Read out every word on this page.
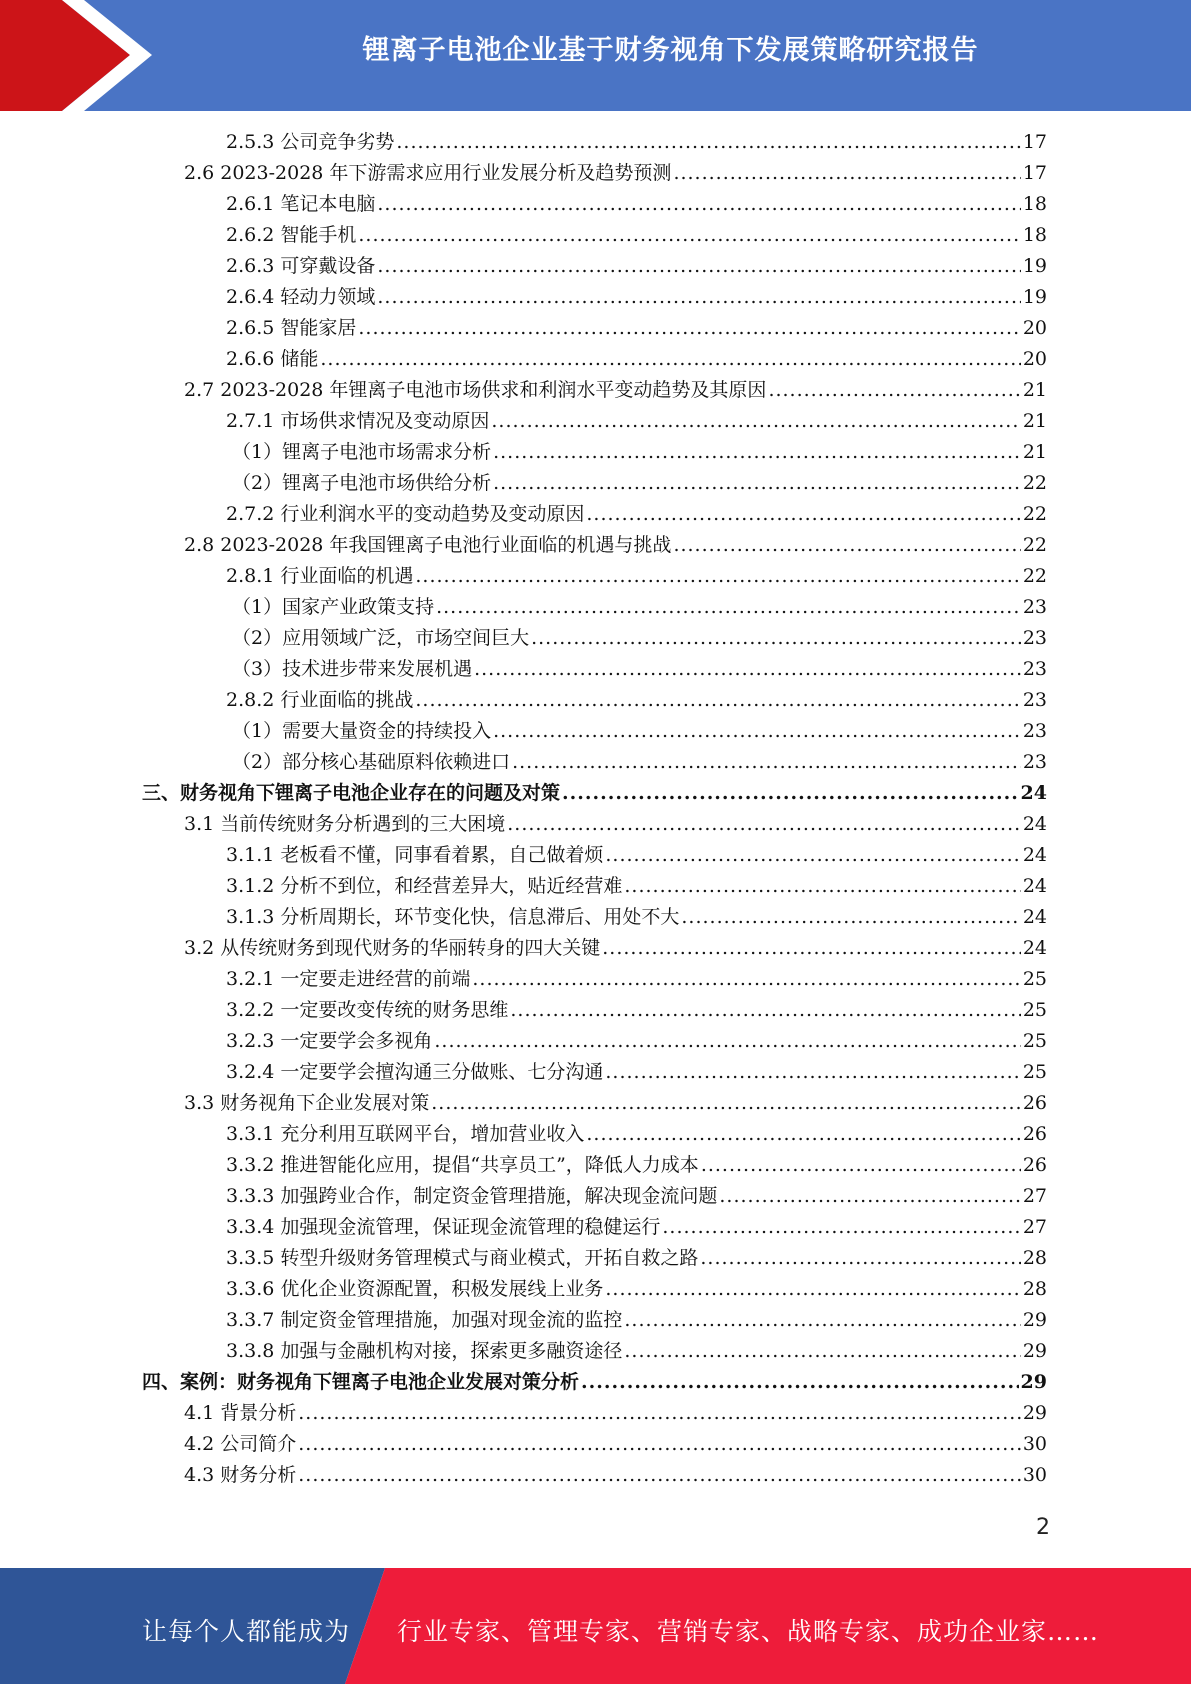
锂离子电池企业基于财务视角下发展策略研究报告
2.5.3 公司竞争劣势 .....	17
2.6 2023-2028 年下游需求应用行业发展分析及趋势预测 .....	17
2.6.1 笔记本电脑 .....	18
2.6.2 智能手机 .....	18
2.6.3 可穿戴设备 .....	19
2.6.4 轻动力领域 .....	19
2.6.5 智能家居 .....	20
2.6.6 储能 .....	20
2.7 2023-2028 年锂离子电池市场供求和利润水平变动趋势及其原因 .....	21
2.7.1 市场供求情况及变动原因 .....	21
（1）锂离子电池市场需求分析 .....	21
（2）锂离子电池市场供给分析 .....	22
2.7.2 行业利润水平的变动趋势及变动原因 .....	22
2.8 2023-2028 年我国锂离子电池行业面临的机遇与挑战 .....	22
2.8.1 行业面临的机遇 .....	22
（1）国家产业政策支持 .....	23
（2）应用领域广泛，市场空间巨大 .....	23
（3）技术进步带来发展机遇 .....	23
2.8.2 行业面临的挑战 .....	23
（1）需要大量资金的持续投入 .....	23
（2）部分核心基础原料依赖进口 .....	23
三、财务视角下锂离子电池企业存在的问题及对策 .....	24
3.1 当前传统财务分析遇到的三大困境 .....	24
3.1.1 老板看不懂，同事看着累，自己做着烦 .....	24
3.1.2 分析不到位，和经营差异大，贴近经营难 .....	24
3.1.3 分析周期长，环节变化快，信息滞后、用处不大 .....	24
3.2 从传统财务到现代财务的华丽转身的四大关键 .....	24
3.2.1 一定要走进经营的前端 .....	25
3.2.2 一定要改变传统的财务思维 .....	25
3.2.3 一定要学会多视角 .....	25
3.2.4 一定要学会擅沟通三分做账、七分沟通 .....	25
3.3 财务视角下企业发展对策 .....	26
3.3.1 充分利用互联网平台，增加营业收入 .....	26
3.3.2 推进智能化应用，提倡“共享员工”，降低人力成本 .....	26
3.3.3 加强跨业合作，制定资金管理措施，解决现金流问题 .....	27
3.3.4 加强现金流管理，保证现金流管理的稳健运行 .....	27
3.3.5 转型升级财务管理模式与商业模式，开拓自救之路 .....	28
3.3.6 优化企业资源配置，积极发展线上业务 .....	28
3.3.7 制定资金管理措施，加强对现金流的监控 .....	29
3.3.8 加强与金融机构对接，探索更多融资途径 .....	29
四、案例：财务视角下锂离子电池企业发展对策分析 .....	29
4.1 背景分析 .....	29
4.2 公司简介 .....	30
4.3 财务分析 .....	30
2
让每个人都能成为 行业专家、管理专家、营销专家、战略专家、成功企业家……
